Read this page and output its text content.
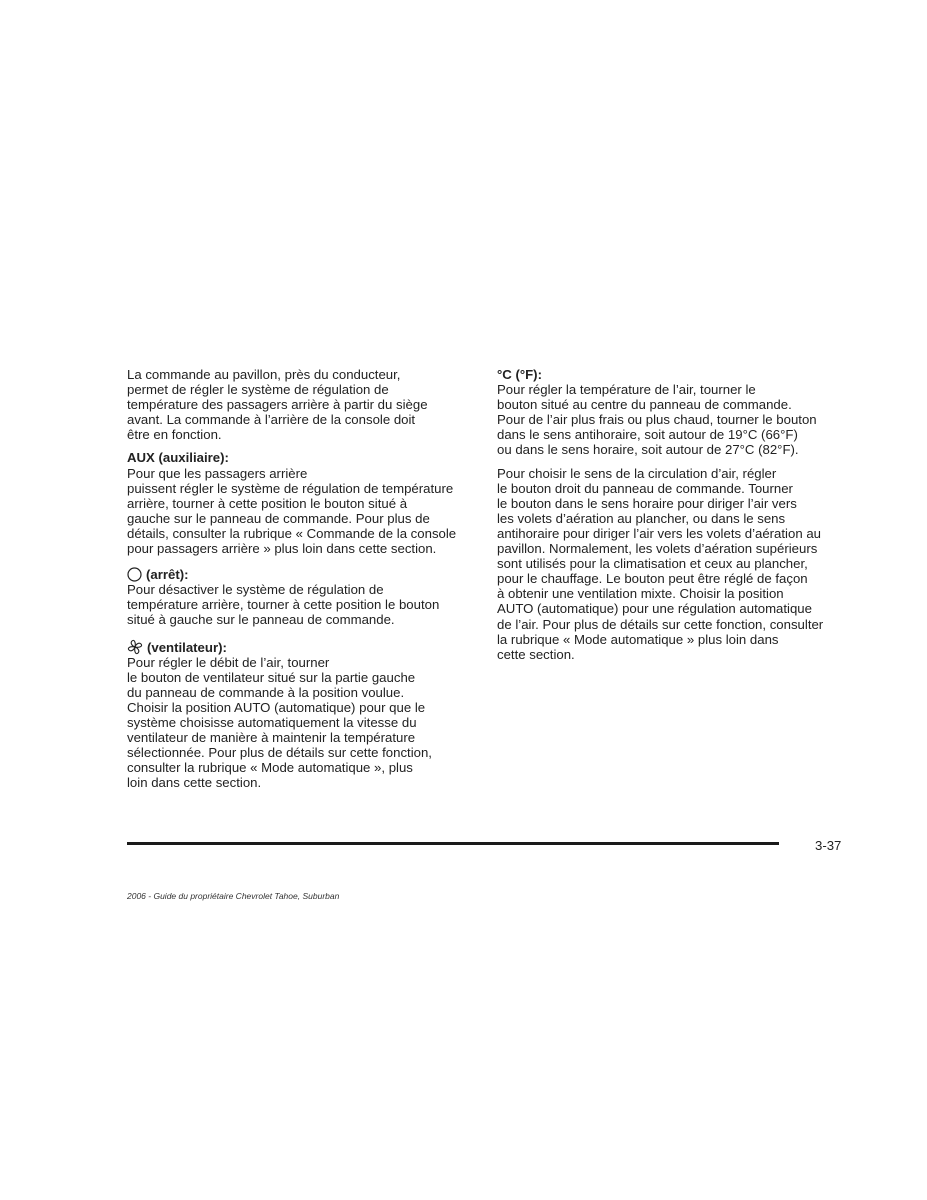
La commande au pavillon, près du conducteur,
permet de régler le système de régulation de
température des passagers arrière à partir du siège
avant. La commande à l’arrière de la console doit
être en fonction.

AUX (auxiliaire):
Pour que les passagers arrière
puissent régler le système de régulation de température
arrière, tourner à cette position le bouton situé à
gauche sur le panneau de commande. Pour plus de
détails, consulter la rubrique « Commande de la console
pour passagers arrière » plus loin dans cette section.

(arrêt):
Pour désactiver le système de régulation de
température arrière, tourner à cette position le bouton
situé à gauche sur le panneau de commande.

(ventilateur):
Pour régler le débit de l’air, tourner
le bouton de ventilateur situé sur la partie gauche
du panneau de commande à la position voulue.
Choisir la position AUTO (automatique) pour que le
système choisisse automatiquement la vitesse du
ventilateur de manière à maintenir la température
sélectionnée. Pour plus de détails sur cette fonction,
consulter la rubrique « Mode automatique », plus
loin dans cette section.

°C (°F):
Pour régler la température de l’air, tourner le
bouton situé au centre du panneau de commande.
Pour de l’air plus frais ou plus chaud, tourner le bouton
dans le sens antihoraire, soit autour de 19°C (66°F)
ou dans le sens horaire, soit autour de 27°C (82°F).

Pour choisir le sens de la circulation d’air, régler
le bouton droit du panneau de commande. Tourner
le bouton dans le sens horaire pour diriger l’air vers
les volets d’aération au plancher, ou dans le sens
antihoraire pour diriger l’air vers les volets d’aération au
pavillon. Normalement, les volets d’aération supérieurs
sont utilisés pour la climatisation et ceux au plancher,
pour le chauffage. Le bouton peut être réglé de façon
à obtenir une ventilation mixte. Choisir la position
AUTO (automatique) pour une régulation automatique
de l’air. Pour plus de détails sur cette fonction, consulter
la rubrique « Mode automatique » plus loin dans
cette section.

3-37
2006 - Guide du propriétaire Chevrolet Tahoe, Suburban
